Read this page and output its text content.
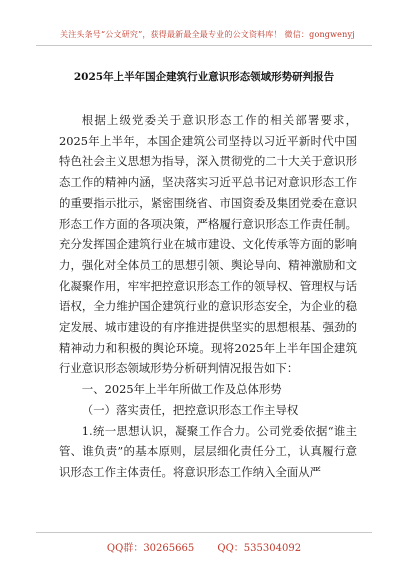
关注头条号“公文研究”，获得最新最全最专业的公文资料库！ 微信：gongwenyj
2025年上半年国企建筑行业意识形态领域形势研判报告

根据上级党委关于意识形态工作的相关部署要求，2025年上半年，本国企建筑公司坚持以习近平新时代中国特色社会主义思想为指导，深入贯彻党的二十大关于意识形态工作的精神内涵，坚决落实习近平总书记对意识形态工作的重要指示批示，紧密围绕省、市国资委及集团党委在意识形态工作方面的各项决策，严格履行意识形态工作责任制。充分发挥国企建筑行业在城市建设、文化传承等方面的影响力，强化对全体员工的思想引领、舆论导向、精神激励和文化凝聚作用，牢牢把控意识形态工作的领导权、管理权与话语权，全力维护国企建筑行业的意识形态安全，为企业的稳定发展、城市建设的有序推进提供坚实的思想根基、强劲的精神动力和积极的舆论环境。现将2025年上半年国企建筑行业意识形态领域形势分析研判情况报告如下：

一、2025年上半年所做工作及总体形势

（一）落实责任，把控意识形态工作主导权

1.统一思想认识，凝聚工作合力。公司党委依据“谁主管、谁负责”的基本原则，层层细化责任分工，认真履行意识形态工作主体责任。将意识形态工作纳入全面从严

QQ群：30265665 QQ：535304092
